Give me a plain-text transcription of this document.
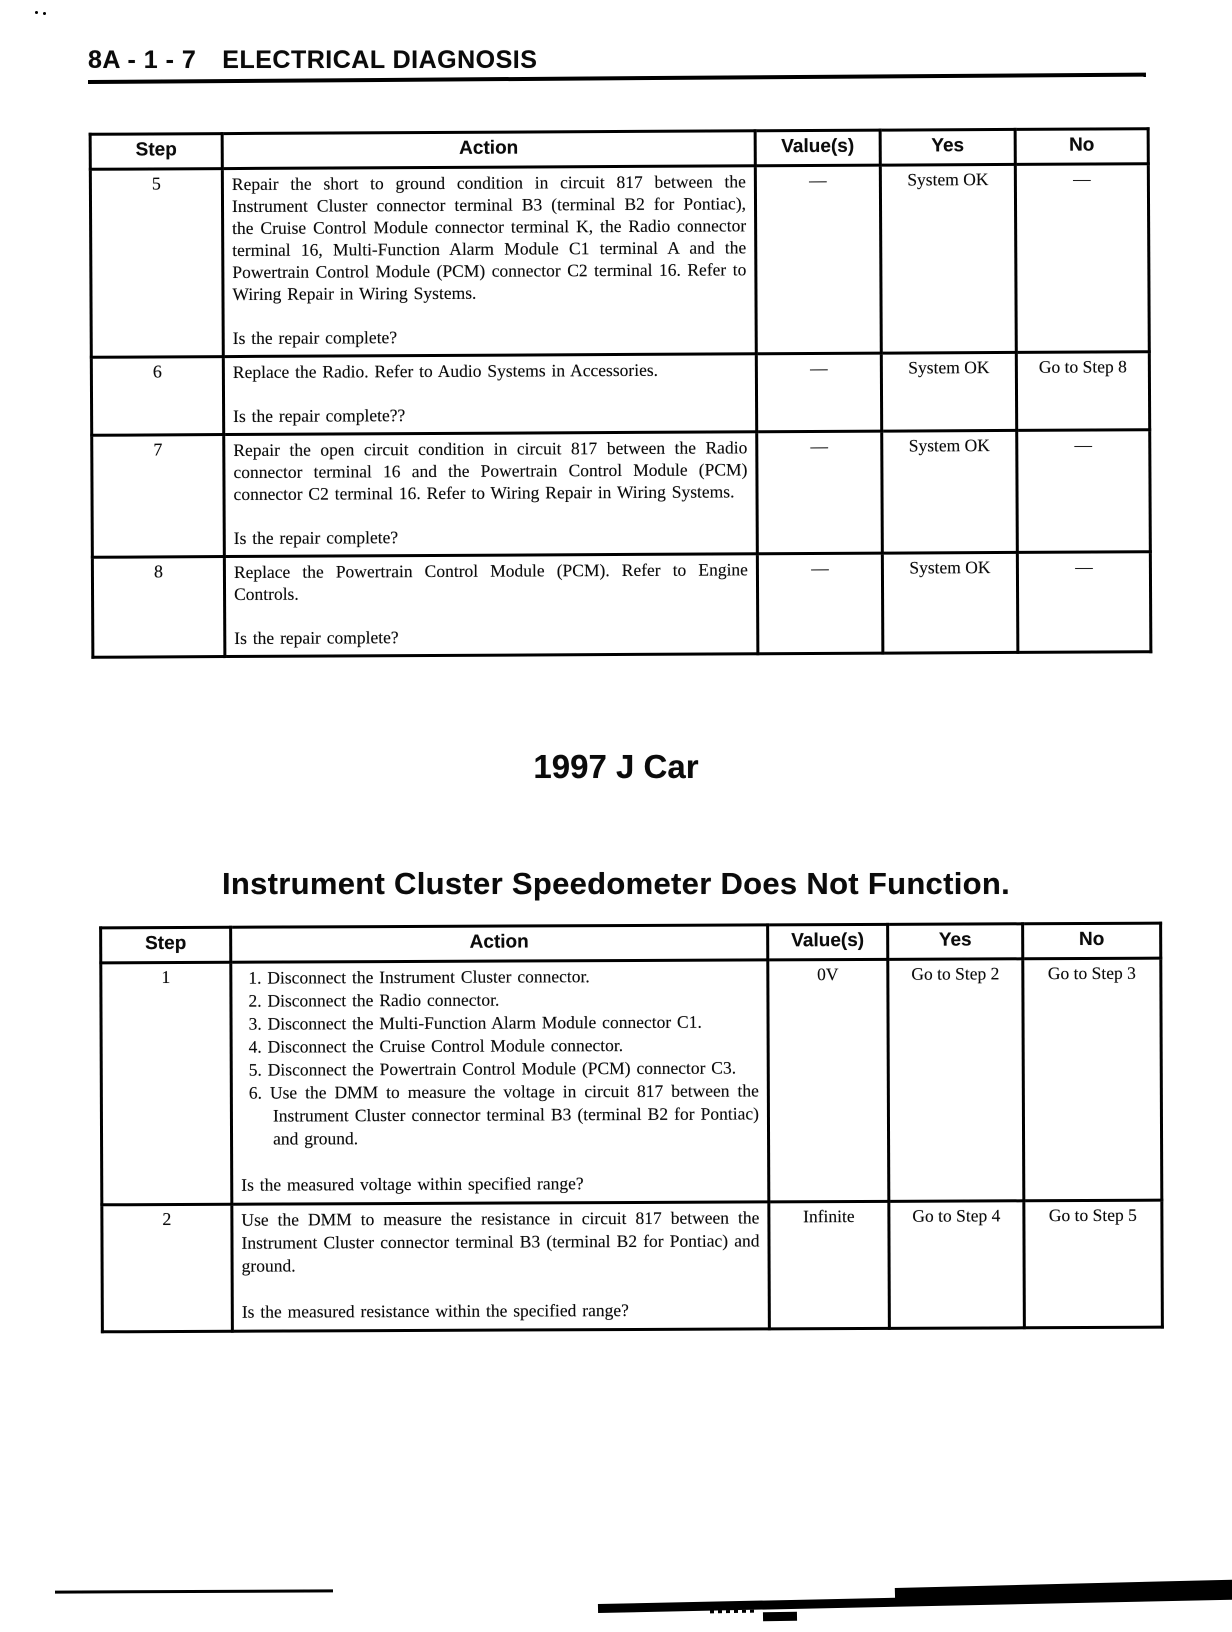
8A - 1 - 7 ELECTRICAL DIAGNOSIS
Step	Action	Value(s)	Yes	No
5	Repair the short to ground condition in circuit 817 between the Instrument Cluster connector terminal B3 (terminal B2 for Pontiac), the Cruise Control Module connector terminal K, the Radio connector terminal 16, Multi-Function Alarm Module C1 terminal A and the Powertrain Control Module (PCM) connector C2 terminal 16. Refer to Wiring Repair in Wiring Systems.
Is the repair complete?	—	System OK	—
6	Replace the Radio. Refer to Audio Systems in Accessories.
Is the repair complete??	—	System OK	Go to Step 8
7	Repair the open circuit condition in circuit 817 between the Radio connector terminal 16 and the Powertrain Control Module (PCM) connector C2 terminal 16. Refer to Wiring Repair in Wiring Systems.
Is the repair complete?	—	System OK	—
8	Replace the Powertrain Control Module (PCM). Refer to Engine Controls.
Is the repair complete?	—	System OK	—
1997 J Car
Instrument Cluster Speedometer Does Not Function.
Step	Action	Value(s)	Yes	No
1	1. Disconnect the Instrument Cluster connector.
2. Disconnect the Radio connector.
3. Disconnect the Multi-Function Alarm Module connector C1.
4. Disconnect the Cruise Control Module connector.
5. Disconnect the Powertrain Control Module (PCM) connector C3.
6. Use the DMM to measure the voltage in circuit 817 between the Instrument Cluster connector terminal B3 (terminal B2 for Pontiac) and ground.
Is the measured voltage within specified range?
	0V	Go to Step 2	Go to Step 3
2	Use the DMM to measure the resistance in circuit 817 between the Instrument Cluster connector terminal B3 (terminal B2 for Pontiac) and ground.
Is the measured resistance within the specified range?	Infinite	Go to Step 4	Go to Step 5
